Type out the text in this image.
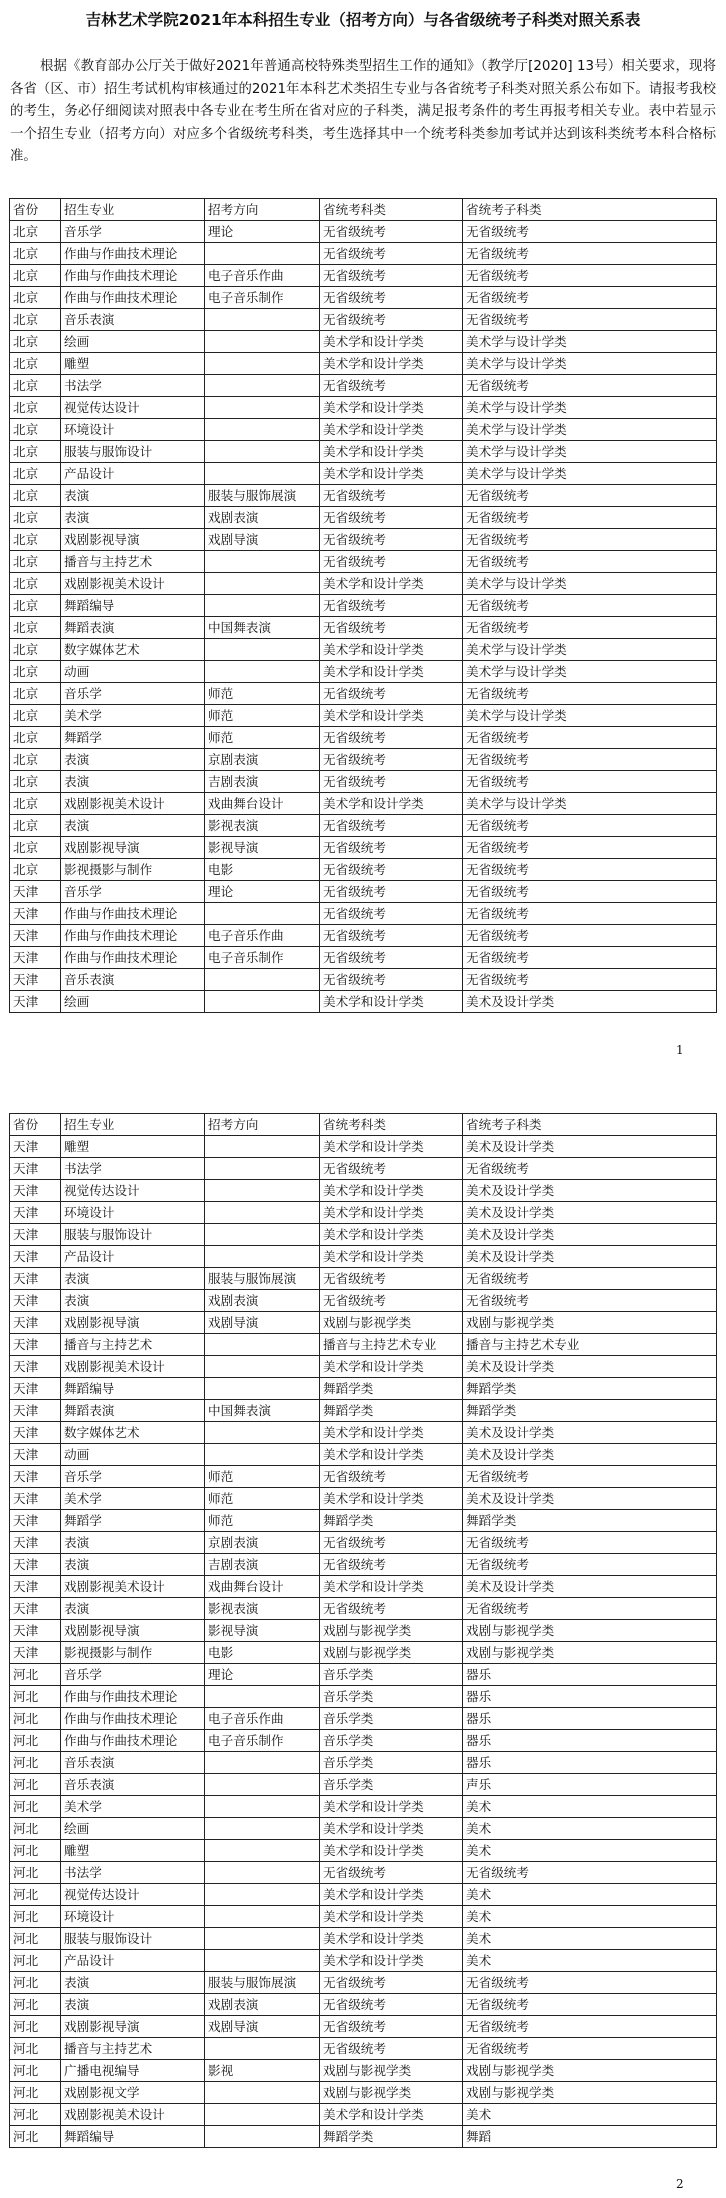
吉林艺术学院2021年本科招生专业（招考方向）与各省级统考子科类对照关系表
根据《教育部办公厅关于做好2021年普通高校特殊类型招生工作的通知》（教学厅[2020] 13号）相关要求，现将各省（区、市）招生考试机构审核通过的2021年本科艺术类招生专业与各省统考子科类对照关系公布如下。请报考我校的考生，务必仔细阅读对照表中各专业在考生所在省对应的子科类，满足报考条件的考生再报考相关专业。表中若显示一个招生专业（招考方向）对应多个省级统考科类，考生选择其中一个统考科类参加考试并达到该科类统考本科合格标准。
省份	招生专业	招考方向	省统考科类	省统考子科类
北京	音乐学	理论	无省级统考	无省级统考
北京	作曲与作曲技术理论		无省级统考	无省级统考
北京	作曲与作曲技术理论	电子音乐作曲	无省级统考	无省级统考
北京	作曲与作曲技术理论	电子音乐制作	无省级统考	无省级统考
北京	音乐表演		无省级统考	无省级统考
北京	绘画		美术学和设计学类	美术学与设计学类
北京	雕塑		美术学和设计学类	美术学与设计学类
北京	书法学		无省级统考	无省级统考
北京	视觉传达设计		美术学和设计学类	美术学与设计学类
北京	环境设计		美术学和设计学类	美术学与设计学类
北京	服装与服饰设计		美术学和设计学类	美术学与设计学类
北京	产品设计		美术学和设计学类	美术学与设计学类
北京	表演	服装与服饰展演	无省级统考	无省级统考
北京	表演	戏剧表演	无省级统考	无省级统考
北京	戏剧影视导演	戏剧导演	无省级统考	无省级统考
北京	播音与主持艺术		无省级统考	无省级统考
北京	戏剧影视美术设计		美术学和设计学类	美术学与设计学类
北京	舞蹈编导		无省级统考	无省级统考
北京	舞蹈表演	中国舞表演	无省级统考	无省级统考
北京	数字媒体艺术		美术学和设计学类	美术学与设计学类
北京	动画		美术学和设计学类	美术学与设计学类
北京	音乐学	师范	无省级统考	无省级统考
北京	美术学	师范	美术学和设计学类	美术学与设计学类
北京	舞蹈学	师范	无省级统考	无省级统考
北京	表演	京剧表演	无省级统考	无省级统考
北京	表演	吉剧表演	无省级统考	无省级统考
北京	戏剧影视美术设计	戏曲舞台设计	美术学和设计学类	美术学与设计学类
北京	表演	影视表演	无省级统考	无省级统考
北京	戏剧影视导演	影视导演	无省级统考	无省级统考
北京	影视摄影与制作	电影	无省级统考	无省级统考
天津	音乐学	理论	无省级统考	无省级统考
天津	作曲与作曲技术理论		无省级统考	无省级统考
天津	作曲与作曲技术理论	电子音乐作曲	无省级统考	无省级统考
天津	作曲与作曲技术理论	电子音乐制作	无省级统考	无省级统考
天津	音乐表演		无省级统考	无省级统考
天津	绘画		美术学和设计学类	美术及设计学类
1
省份	招生专业	招考方向	省统考科类	省统考子科类
天津	雕塑		美术学和设计学类	美术及设计学类
天津	书法学		无省级统考	无省级统考
天津	视觉传达设计		美术学和设计学类	美术及设计学类
天津	环境设计		美术学和设计学类	美术及设计学类
天津	服装与服饰设计		美术学和设计学类	美术及设计学类
天津	产品设计		美术学和设计学类	美术及设计学类
天津	表演	服装与服饰展演	无省级统考	无省级统考
天津	表演	戏剧表演	无省级统考	无省级统考
天津	戏剧影视导演	戏剧导演	戏剧与影视学类	戏剧与影视学类
天津	播音与主持艺术		播音与主持艺术专业	播音与主持艺术专业
天津	戏剧影视美术设计		美术学和设计学类	美术及设计学类
天津	舞蹈编导		舞蹈学类	舞蹈学类
天津	舞蹈表演	中国舞表演	舞蹈学类	舞蹈学类
天津	数字媒体艺术		美术学和设计学类	美术及设计学类
天津	动画		美术学和设计学类	美术及设计学类
天津	音乐学	师范	无省级统考	无省级统考
天津	美术学	师范	美术学和设计学类	美术及设计学类
天津	舞蹈学	师范	舞蹈学类	舞蹈学类
天津	表演	京剧表演	无省级统考	无省级统考
天津	表演	吉剧表演	无省级统考	无省级统考
天津	戏剧影视美术设计	戏曲舞台设计	美术学和设计学类	美术及设计学类
天津	表演	影视表演	无省级统考	无省级统考
天津	戏剧影视导演	影视导演	戏剧与影视学类	戏剧与影视学类
天津	影视摄影与制作	电影	戏剧与影视学类	戏剧与影视学类
河北	音乐学	理论	音乐学类	器乐
河北	作曲与作曲技术理论		音乐学类	器乐
河北	作曲与作曲技术理论	电子音乐作曲	音乐学类	器乐
河北	作曲与作曲技术理论	电子音乐制作	音乐学类	器乐
河北	音乐表演		音乐学类	器乐
河北	音乐表演		音乐学类	声乐
河北	美术学		美术学和设计学类	美术
河北	绘画		美术学和设计学类	美术
河北	雕塑		美术学和设计学类	美术
河北	书法学		无省级统考	无省级统考
河北	视觉传达设计		美术学和设计学类	美术
河北	环境设计		美术学和设计学类	美术
河北	服装与服饰设计		美术学和设计学类	美术
河北	产品设计		美术学和设计学类	美术
河北	表演	服装与服饰展演	无省级统考	无省级统考
河北	表演	戏剧表演	无省级统考	无省级统考
河北	戏剧影视导演	戏剧导演	无省级统考	无省级统考
河北	播音与主持艺术		无省级统考	无省级统考
河北	广播电视编导	影视	戏剧与影视学类	戏剧与影视学类
河北	戏剧影视文学		戏剧与影视学类	戏剧与影视学类
河北	戏剧影视美术设计		美术学和设计学类	美术
河北	舞蹈编导		舞蹈学类	舞蹈
2
